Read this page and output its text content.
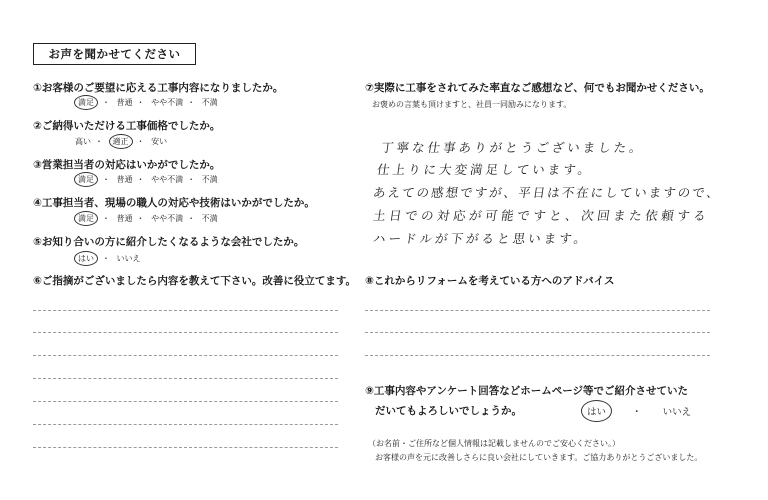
お声を聞かせてください
①お客様のご要望に応える工事内容になりましたか。
満足 ・ 普通 ・ やや不満 ・ 不満
②ご納得いただける工事価格でしたか。
高い ・ 適正 ・ 安い
③営業担当者の対応はいかがでしたか。
満足 ・ 普通 ・ やや不満 ・ 不満
④工事担当者、現場の職人の対応や技術はいかがでしたか。
満足 ・ 普通 ・ やや不満 ・ 不満
⑤お知り合いの方に紹介したくなるような会社でしたか。
はい ・ いいえ
⑥ご指摘がございましたら内容を教えて下さい。改善に役立てます。
⑦実際に工事をされてみた率直なご感想など、何でもお聞かせください。
お褒めの言葉も頂けますと、社員一同励みになります。
丁寧な仕事ありがとうございました。
仕上りに大変満足しています。
あえての感想ですが、平日は不在にしていますので、
土日での対応が可能ですと、次回また依頼する
ハードルが下がると思います。
⑧これからリフォームを考えている方へのアドバイス
⑨工事内容やアンケート回答などホームページ等でご紹介させていた
だいてもよろしいでしょうか。	はい	・ いいえ
（お名前・ご住所など個人情報は記載しませんのでご安心ください。）
お客様の声を元に改善しさらに良い会社にしていきます。ご協力ありがとうございました。
